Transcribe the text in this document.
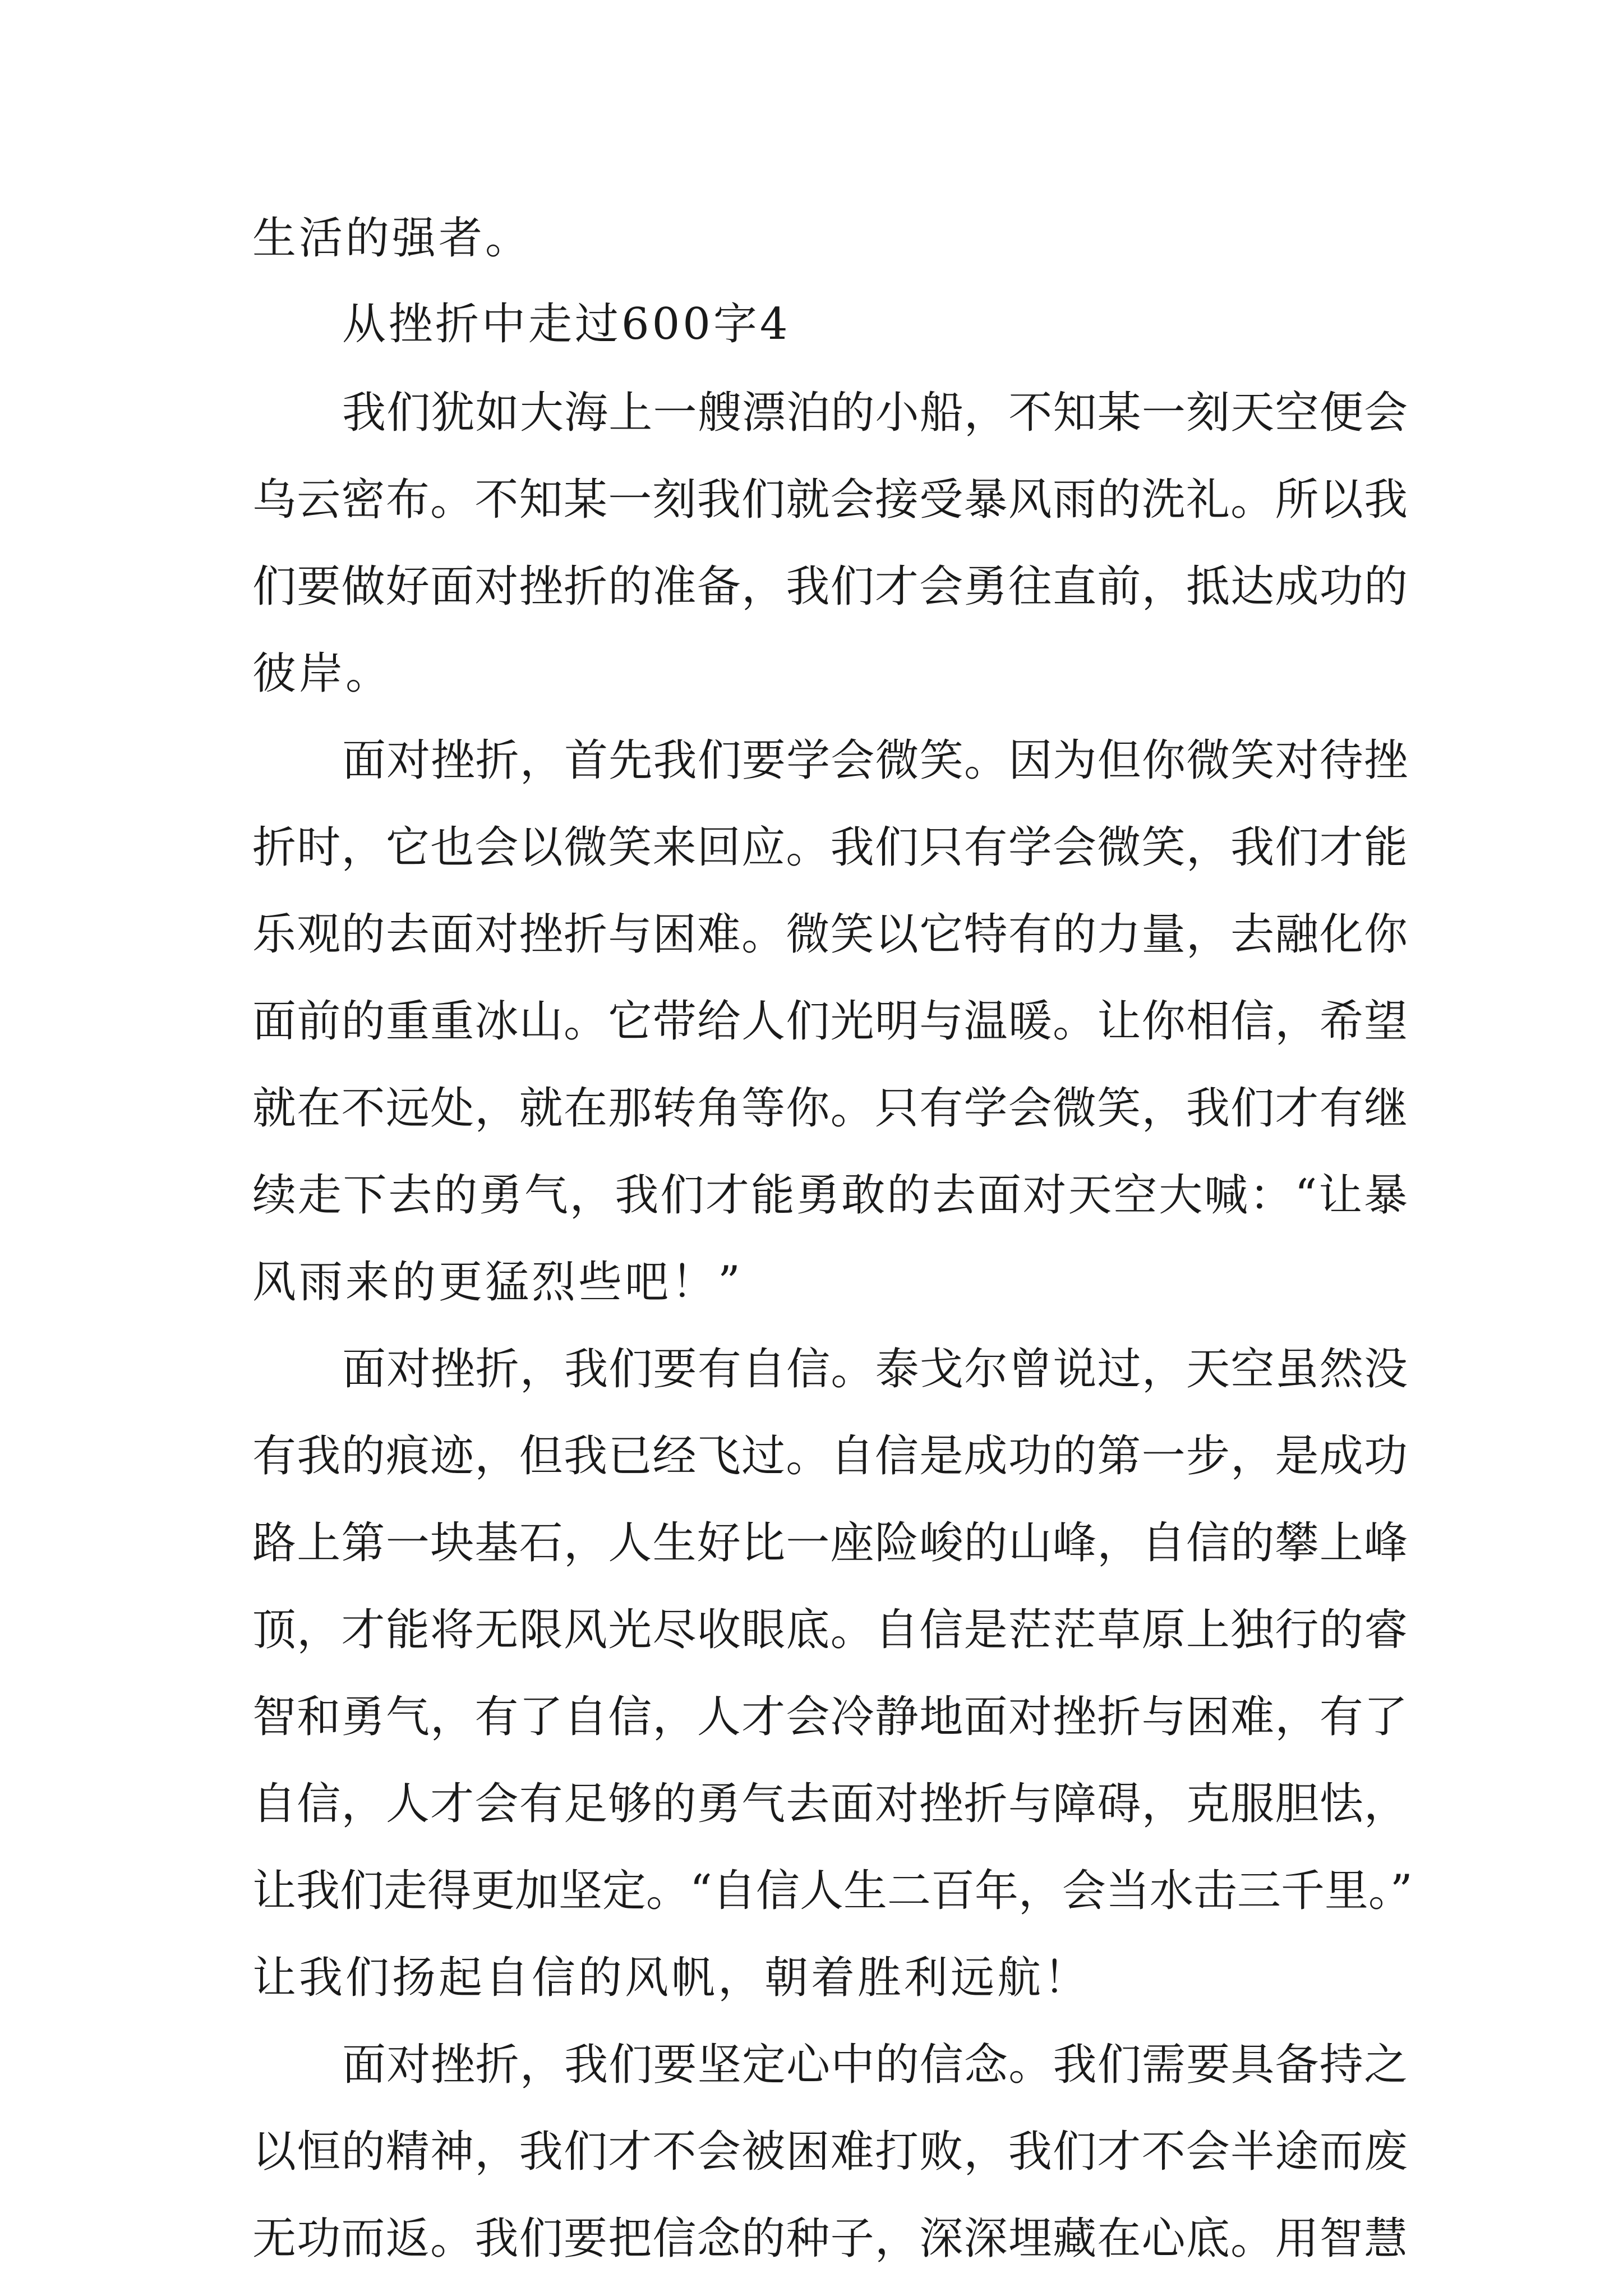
生活的强者。

从挫折中走过600字4

我们犹如大海上一艘漂泊的小船，不知某一刻天空便会

乌云密布。不知某一刻我们就会接受暴风雨的洗礼。所以我

们要做好面对挫折的准备，我们才会勇往直前，抵达成功的

彼岸。

面对挫折，首先我们要学会微笑。因为但你微笑对待挫

折时，它也会以微笑来回应。我们只有学会微笑，我们才能

乐观的去面对挫折与困难。微笑以它特有的力量，去融化你

面前的重重冰山。它带给人们光明与温暖。让你相信，希望

就在不远处，就在那转角等你。只有学会微笑，我们才有继

续走下去的勇气，我们才能勇敢的去面对天空大喊：“让暴

风雨来的更猛烈些吧！”

面对挫折，我们要有自信。泰戈尔曾说过，天空虽然没

有我的痕迹，但我已经飞过。自信是成功的第一步，是成功

路上第一块基石，人生好比一座险峻的山峰，自信的攀上峰

顶，才能将无限风光尽收眼底。自信是茫茫草原上独行的睿

智和勇气，有了自信，人才会冷静地面对挫折与困难，有了

自信，人才会有足够的勇气去面对挫折与障碍，克服胆怯，

让我们走得更加坚定。“自信人生二百年，会当水击三千里。”

让我们扬起自信的风帆，朝着胜利远航！

面对挫折，我们要坚定心中的信念。我们需要具备持之

以恒的精神，我们才不会被困难打败，我们才不会半途而废

无功而返。我们要把信念的种子，深深埋藏在心底。用智慧
